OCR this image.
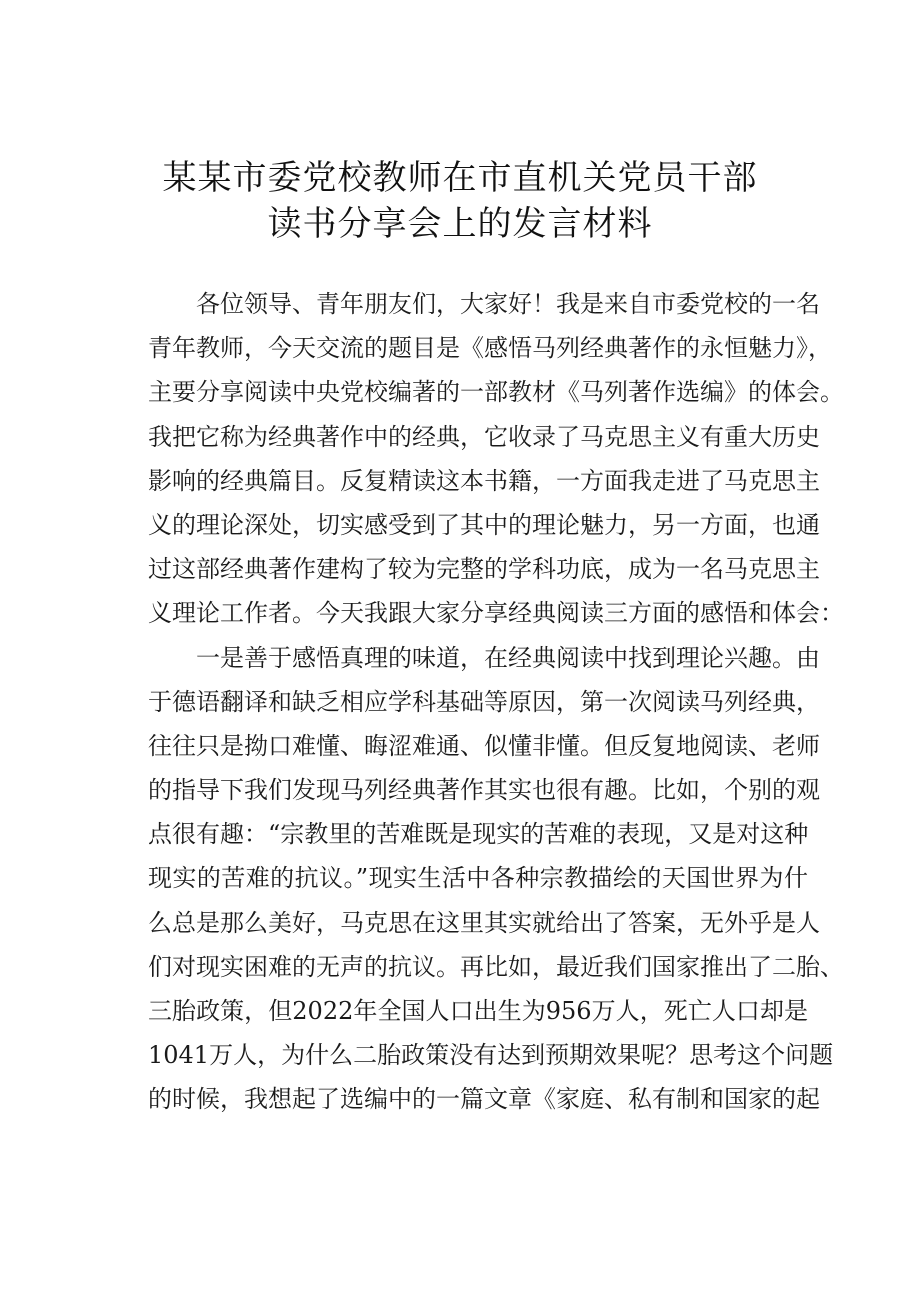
某某市委党校教师在市直机关党员干部
读书分享会上的发言材料
各位领导、青年朋友们，大家好！我是来自市委党校的一名
青年教师，今天交流的题目是《感悟马列经典著作的永恒魅力》，
主要分享阅读中央党校编著的一部教材《马列著作选编》的体会。
我把它称为经典著作中的经典，它收录了马克思主义有重大历史
影响的经典篇目。反复精读这本书籍，一方面我走进了马克思主
义的理论深处，切实感受到了其中的理论魅力，另一方面，也通
过这部经典著作建构了较为完整的学科功底，成为一名马克思主
义理论工作者。今天我跟大家分享经典阅读三方面的感悟和体会：
一是善于感悟真理的味道，在经典阅读中找到理论兴趣。由
于德语翻译和缺乏相应学科基础等原因，第一次阅读马列经典，
往往只是拗口难懂、晦涩难通、似懂非懂。但反复地阅读、老师
的指导下我们发现马列经典著作其实也很有趣。比如，个别的观
点很有趣：“宗教里的苦难既是现实的苦难的表现，又是对这种
现实的苦难的抗议。”现实生活中各种宗教描绘的天国世界为什
么总是那么美好，马克思在这里其实就给出了答案，无外乎是人
们对现实困难的无声的抗议。再比如，最近我们国家推出了二胎、
三胎政策，但2022年全国人口出生为956万人，死亡人口却是
1041万人，为什么二胎政策没有达到预期效果呢？思考这个问题
的时候，我想起了选编中的一篇文章《家庭、私有制和国家的起
